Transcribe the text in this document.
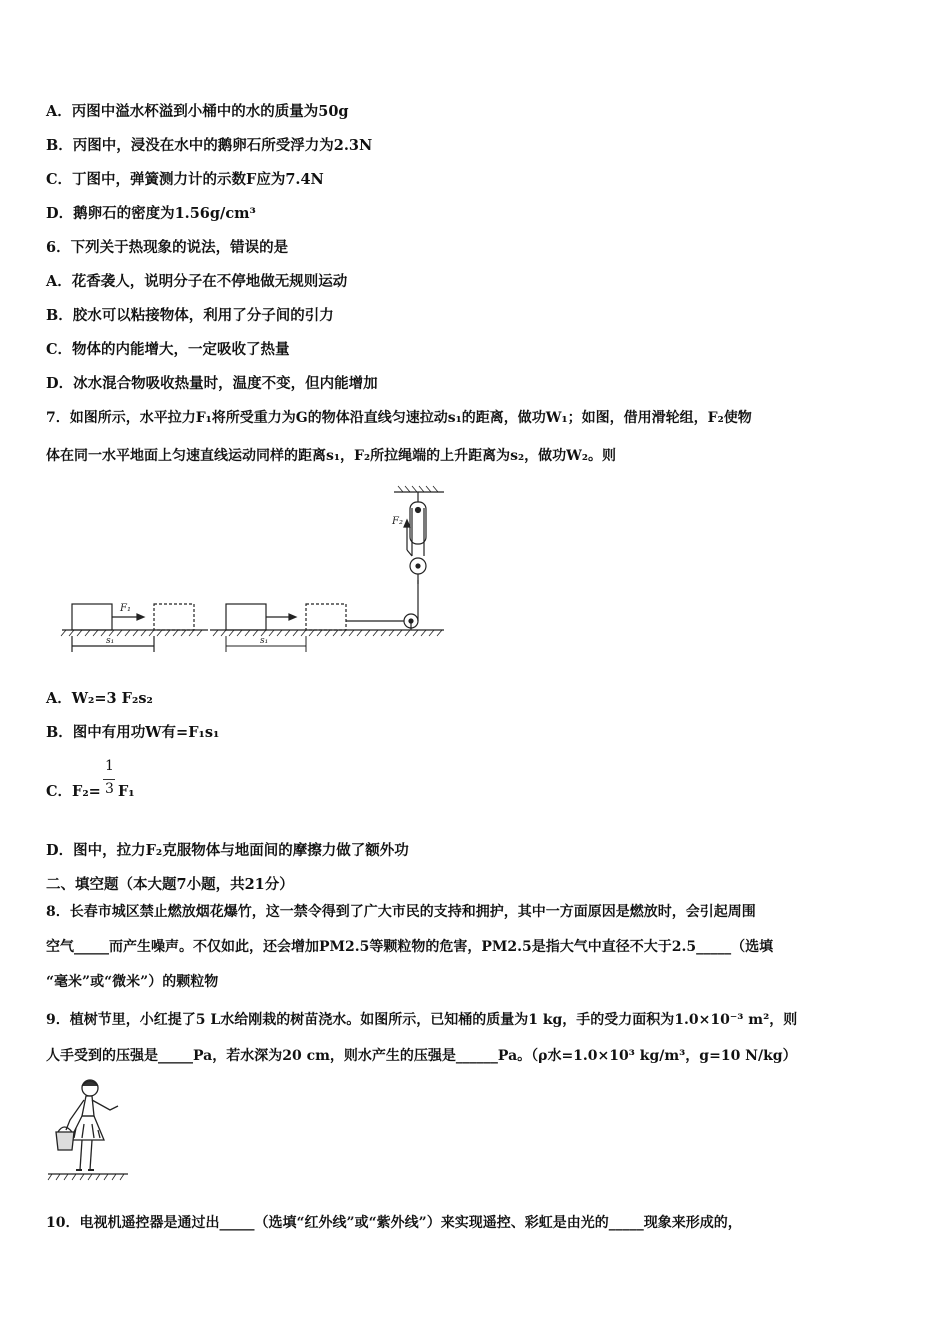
A．丙图中溢水杯溢到小桶中的水的质量为50g
B．丙图中，浸没在水中的鹅卵石所受浮力为2.3N
C．丁图中，弹簧测力计的示数F应为7.4N
D．鹅卵石的密度为1.56g/cm³
6．下列关于热现象的说法，错误的是
A．花香袭人，说明分子在不停地做无规则运动
B．胶水可以粘接物体，利用了分子间的引力
C．物体的内能增大，一定吸收了热量
D．冰水混合物吸收热量时，温度不变，但内能增加
7．如图所示，水平拉力F₁将所受重力为G的物体沿直线匀速拉动s₁的距离，做功W₁；如图，借用滑轮组，F₂使物
体在同一水平地面上匀速直线运动同样的距离s₁，F₂所拉绳端的上升距离为s₂，做功W₂。则
F₁
s₁
F₂
s₁
A．W₂=3 F₂s₂
B．图中有用功W有=F₁s₁
C．F₂=
1
3 F₁
D．图中，拉力F₂克服物体与地面间的摩擦力做了额外功
二、填空题（本大题7小题，共21分）
8．长春市城区禁止燃放烟花爆竹，这一禁令得到了广大市民的支持和拥护，其中一方面原因是燃放时，会引起周围
空气_____而产生噪声。不仅如此，还会增加PM2.5等颗粒物的危害，PM2.5是指大气中直径不大于2.5_____（选填
“毫米”或“微米”）的颗粒物
9．植树节里，小红提了5 L水给刚栽的树苗浇水。如图所示，已知桶的质量为1 kg，手的受力面积为1.0×10⁻³ m²，则
人手受到的压强是_____Pa，若水深为20 cm，则水产生的压强是______Pa。（ρ水=1.0×10³ kg/m³，g=10 N/kg）
10．电视机遥控器是通过出_____（选填“红外线”或“紫外线”）来实现遥控、彩虹是由光的_____现象来形成的，
